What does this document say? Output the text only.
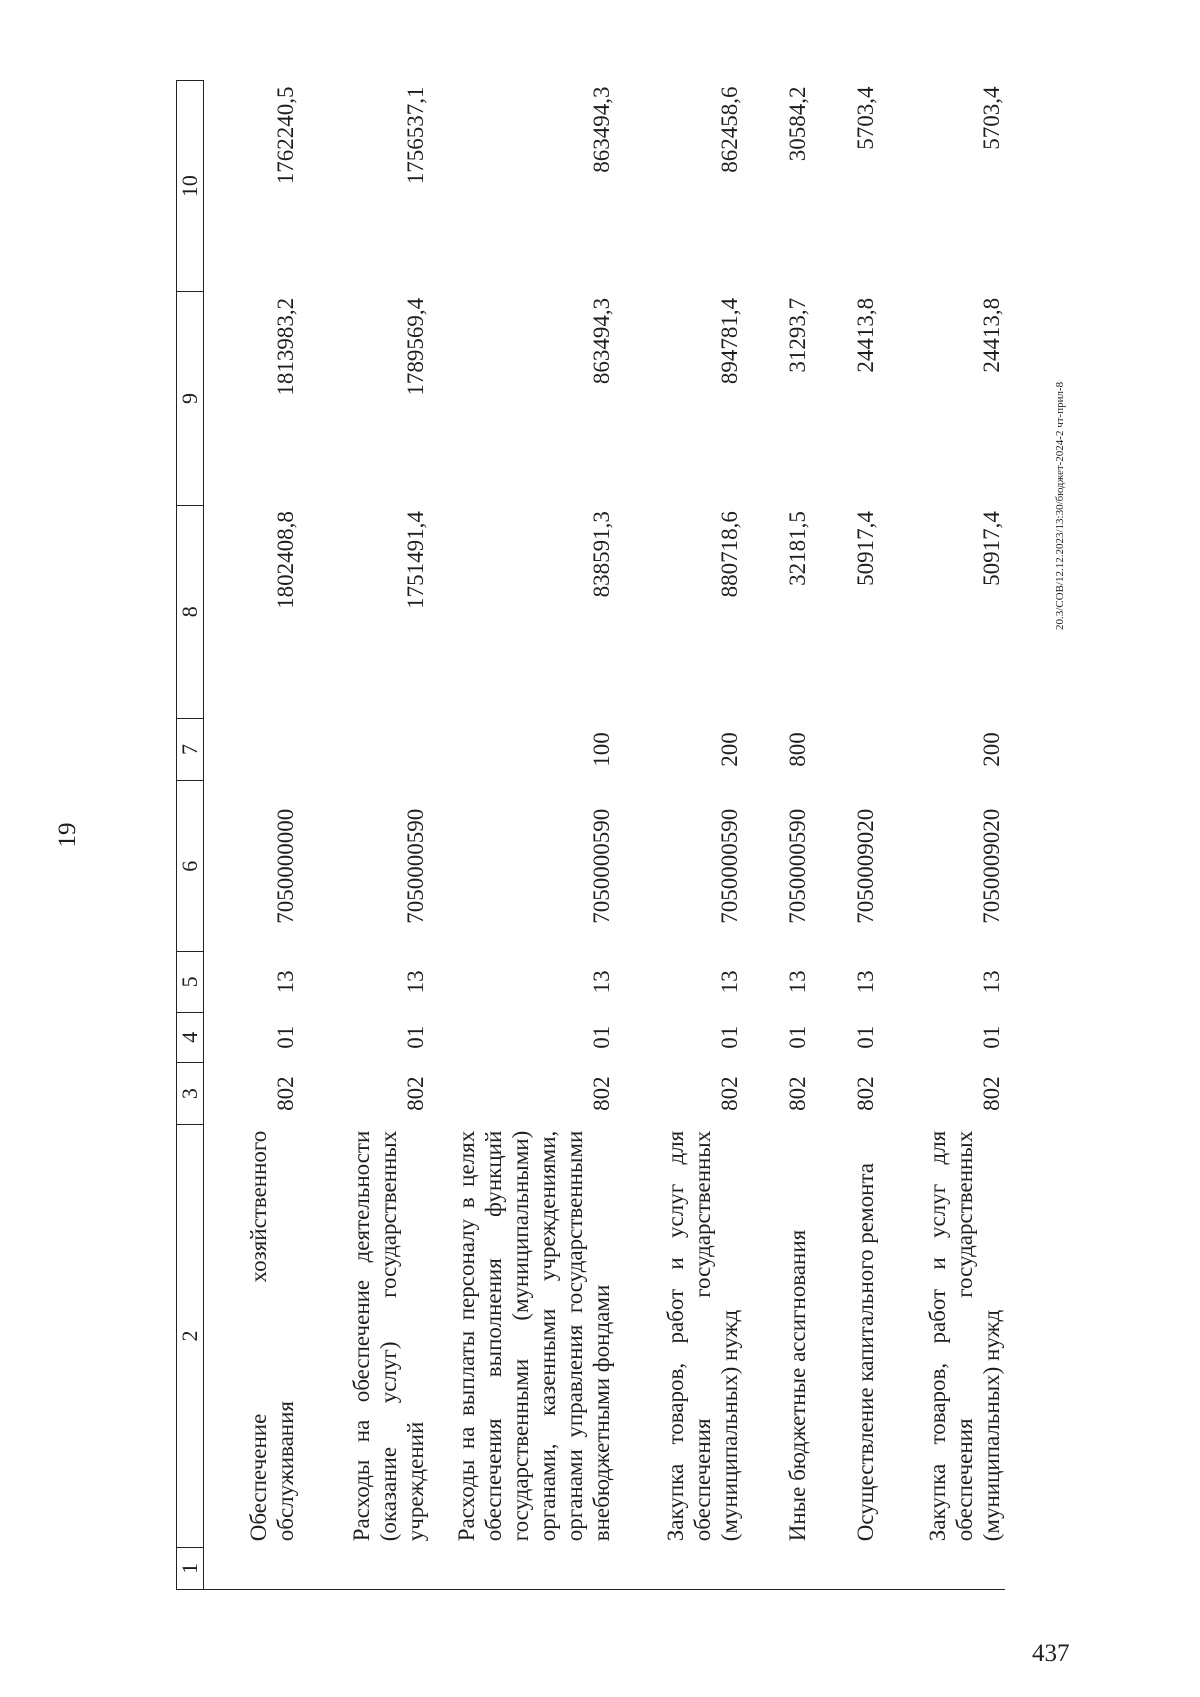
19
1	2	3	4	5	6	7	8	9	10
	Обеспечение хозяйственного обслуживания	802	01	13	7050000000		1802408,8	1813983,2	1762240,5
	Расходы на обеспечение деятельности (оказание услуг) государственных учреждений	802	01	13	7050000590		1751491,4	1789569,4	1756537,1
	Расходы на выплаты персоналу в целях обеспечения выполнения функций государственными (муниципальными) органами, казенными учреждениями, органами управления государственными внебюджетными фондами	802	01	13	7050000590	100	838591,3	863494,3	863494,3
	Закупка товаров, работ и услуг для обеспечения государственных (муниципальных) нужд	802	01	13	7050000590	200	880718,6	894781,4	862458,6
	Иные бюджетные ассигнования	802	01	13	7050000590	800	32181,5	31293,7	30584,2
	Осуществление капитального ремонта	802	01	13	7050009020		50917,4	24413,8	5703,4
	Закупка товаров, работ и услуг для обеспечения государственных (муниципальных) нужд	802	01	13	7050009020	200	50917,4	24413,8	5703,4
20.3/СОВ/12.12.2023/13:30/бюджет-2024-2 чт-прил-8
437
